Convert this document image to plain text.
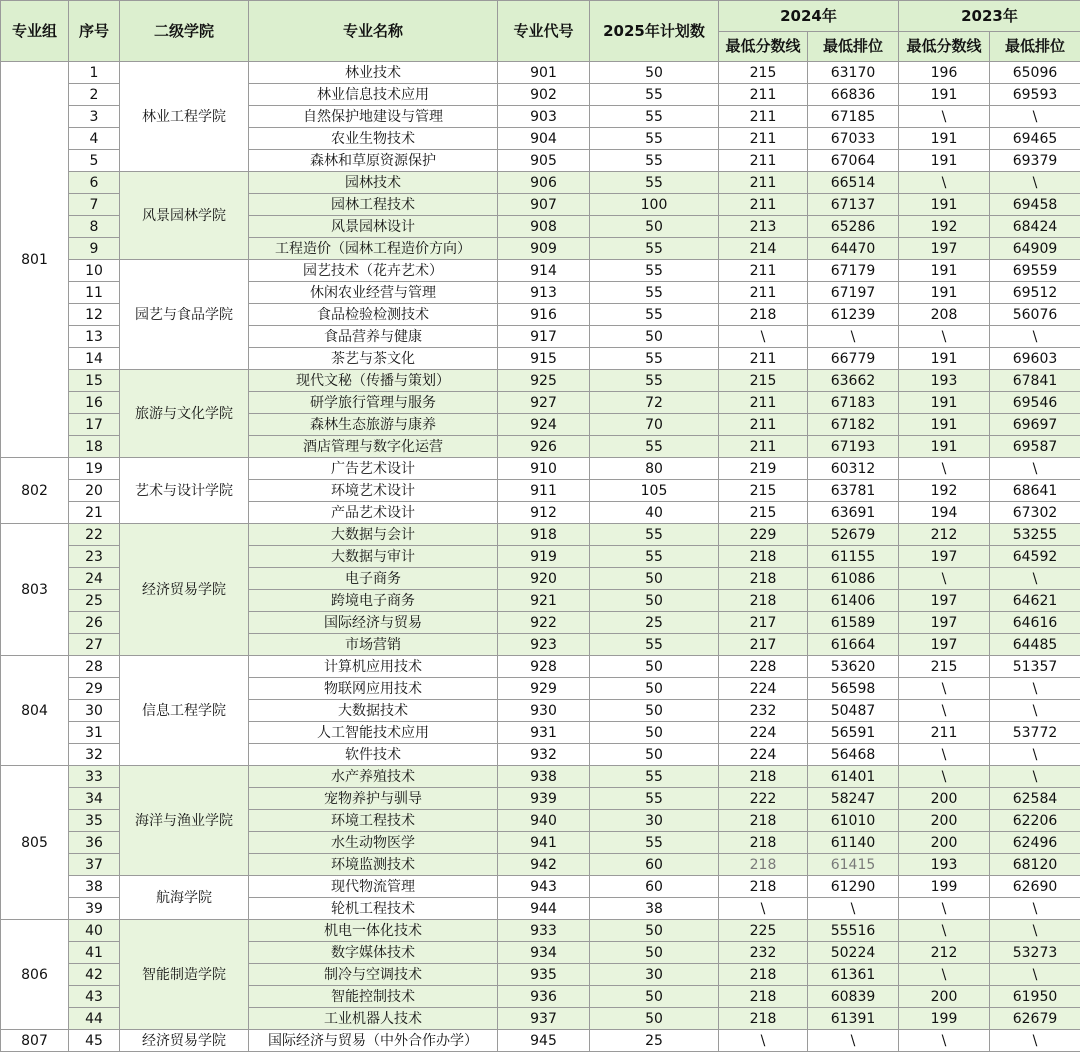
专业组	序号	二级学院	专业名称	专业代号	2025年计划数	2024年		2023年	
						最低分数线	最低排位	最低分数线	最低排位
801	1	林业工程学院	林业技术	901	50	215	63170	196	65096
	2		林业信息技术应用	902	55	211	66836	191	69593
	3		自然保护地建设与管理	903	55	211	67185	\	\
	4		农业生物技术	904	55	211	67033	191	69465
	5		森林和草原资源保护	905	55	211	67064	191	69379
	6	风景园林学院	园林技术	906	55	211	66514	\	\
	7		园林工程技术	907	100	211	67137	191	69458
	8		风景园林设计	908	50	213	65286	192	68424
	9		工程造价（园林工程造价方向）	909	55	214	64470	197	64909
	10	园艺与食品学院	园艺技术（花卉艺术）	914	55	211	67179	191	69559
	11		休闲农业经营与管理	913	55	211	67197	191	69512
	12		食品检验检测技术	916	55	218	61239	208	56076
	13		食品营养与健康	917	50	\	\	\	\
	14		茶艺与茶文化	915	55	211	66779	191	69603
	15	旅游与文化学院	现代文秘（传播与策划）	925	55	215	63662	193	67841
	16		研学旅行管理与服务	927	72	211	67183	191	69546
	17		森林生态旅游与康养	924	70	211	67182	191	69697
	18		酒店管理与数字化运营	926	55	211	67193	191	69587
802	19	艺术与设计学院	广告艺术设计	910	80	219	60312	\	\
	20		环境艺术设计	911	105	215	63781	192	68641
	21		产品艺术设计	912	40	215	63691	194	67302
803	22	经济贸易学院	大数据与会计	918	55	229	52679	212	53255
	23		大数据与审计	919	55	218	61155	197	64592
	24		电子商务	920	50	218	61086	\	\
	25		跨境电子商务	921	50	218	61406	197	64621
	26		国际经济与贸易	922	25	217	61589	197	64616
	27		市场营销	923	55	217	61664	197	64485
804	28	信息工程学院	计算机应用技术	928	50	228	53620	215	51357
	29		物联网应用技术	929	50	224	56598	\	\
	30		大数据技术	930	50	232	50487	\	\
	31		人工智能技术应用	931	50	224	56591	211	53772
	32		软件技术	932	50	224	56468	\	\
805	33	海洋与渔业学院	水产养殖技术	938	55	218	61401	\	\
	34		宠物养护与驯导	939	55	222	58247	200	62584
	35		环境工程技术	940	30	218	61010	200	62206
	36		水生动物医学	941	55	218	61140	200	62496
	37		环境监测技术	942	60	218	61415	193	68120
	38	航海学院	现代物流管理	943	60	218	61290	199	62690
	39		轮机工程技术	944	38	\	\	\	\
806	40	智能制造学院	机电一体化技术	933	50	225	55516	\	\
	41		数字媒体技术	934	50	232	50224	212	53273
	42		制冷与空调技术	935	30	218	61361	\	\
	43		智能控制技术	936	50	218	60839	200	61950
	44		工业机器人技术	937	50	218	61391	199	62679
807	45	经济贸易学院	国际经济与贸易（中外合作办学）	945	25	\	\	\	\
